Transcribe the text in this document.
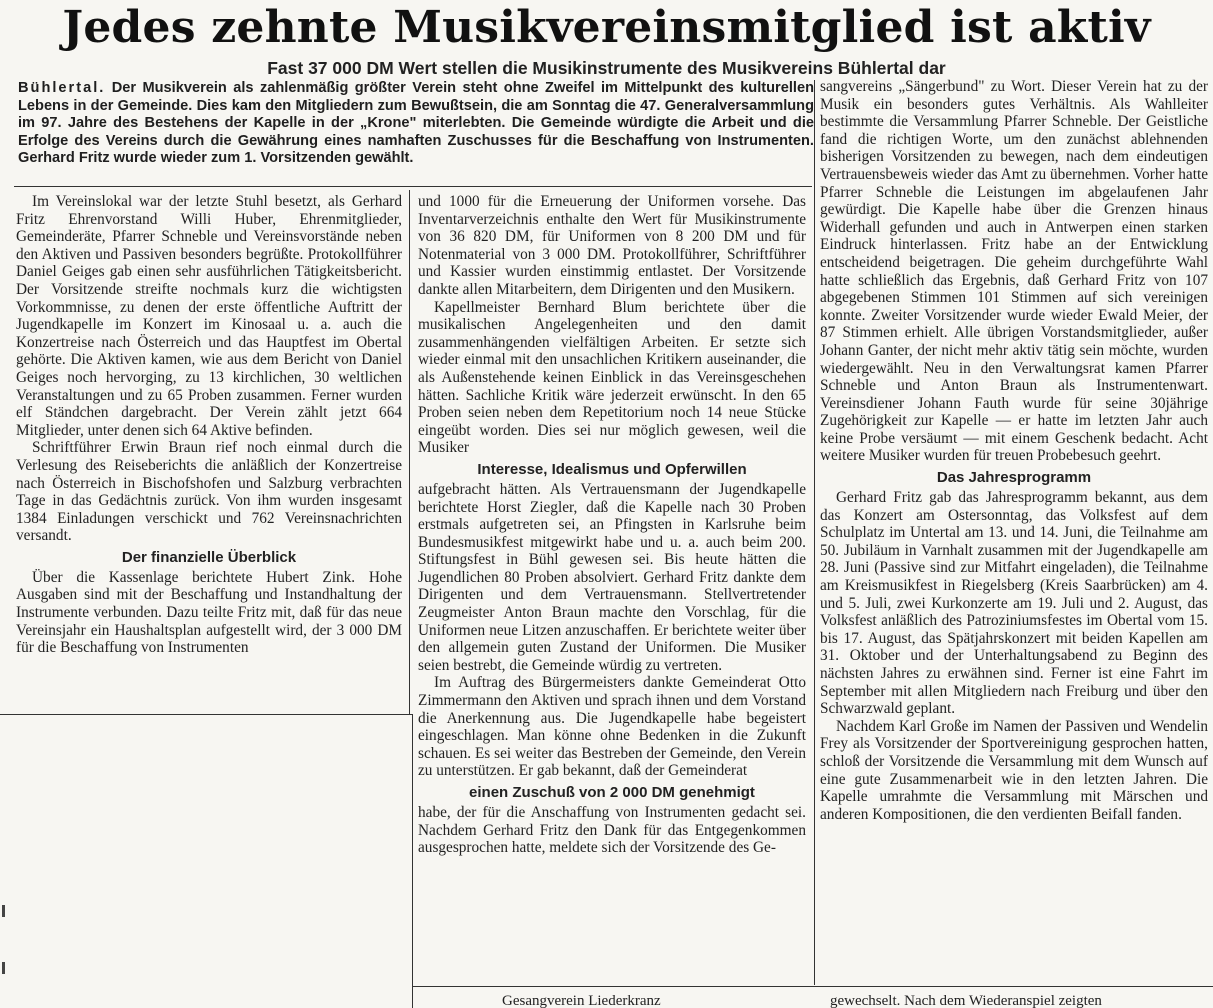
Jedes zehnte Musikvereinsmitglied ist aktiv
Fast 37 000 DM Wert stellen die Musikinstrumente des Musikvereins Bühlertal dar
Bühlertal. Der Musikverein als zahlenmäßig größter Verein steht ohne Zweifel im Mittelpunkt des kulturellen Lebens in der Gemeinde. Dies kam den Mitgliedern zum Bewußtsein, die am Sonntag die 47. Generalversammlung im 97. Jahre des Bestehens der Kapelle in der „Krone" miterlebten. Die Gemeinde würdigte die Arbeit und die Erfolge des Vereins durch die Gewährung eines namhaften Zuschusses für die Beschaffung von Instrumenten. Gerhard Fritz wurde wieder zum 1. Vorsitzenden gewählt.

Im Vereinslokal war der letzte Stuhl besetzt, als Gerhard Fritz Ehrenvorstand Willi Huber, Ehrenmitglieder, Gemeinderäte, Pfarrer Schneble und Vereinsvorstände neben den Aktiven und Passiven besonders begrüßte. Protokollführer Daniel Geiges gab einen sehr ausführlichen Tätigkeitsbericht. Der Vorsitzende streifte nochmals kurz die wichtigsten Vorkommnisse, zu denen der erste öffentliche Auftritt der Jugendkapelle im Konzert im Kinosaal u. a. auch die Konzertreise nach Österreich und das Hauptfest im Obertal gehörte. Die Aktiven kamen, wie aus dem Bericht von Daniel Geiges noch hervorging, zu 13 kirchlichen, 30 weltlichen Veranstaltungen und zu 65 Proben zusammen. Ferner wurden elf Ständchen dargebracht. Der Verein zählt jetzt 664 Mitglieder, unter denen sich 64 Aktive befinden.

Schriftführer Erwin Braun rief noch einmal durch die Verlesung des Reiseberichts die anläßlich der Konzertreise nach Österreich in Bischofshofen und Salzburg verbrachten Tage in das Gedächtnis zurück. Von ihm wurden insgesamt 1384 Einladungen verschickt und 762 Vereinsnachrichten versandt.

Der finanzielle Überblick

Über die Kassenlage berichtete Hubert Zink. Hohe Ausgaben sind mit der Beschaffung und Instandhaltung der Instrumente verbunden. Dazu teilte Fritz mit, daß für das neue Vereinsjahr ein Haushaltsplan aufgestellt wird, der 3 000 DM für die Beschaffung von Instrumenten

und 1000 für die Erneuerung der Uniformen vorsehe. Das Inventarverzeichnis enthalte den Wert für Musikinstrumente von 36 820 DM, für Uniformen von 8 200 DM und für Notenmaterial von 3 000 DM. Protokollführer, Schriftführer und Kassier wurden einstimmig entlastet. Der Vorsitzende dankte allen Mitarbeitern, dem Dirigenten und den Musikern.

Kapellmeister Bernhard Blum berichtete über die musikalischen Angelegenheiten und den damit zusammenhängenden vielfältigen Arbeiten. Er setzte sich wieder einmal mit den unsachlichen Kritikern auseinander, die als Außenstehende keinen Einblick in das Vereinsgeschehen hätten. Sachliche Kritik wäre jederzeit erwünscht. In den 65 Proben seien neben dem Repetitorium noch 14 neue Stücke eingeübt worden. Dies sei nur möglich gewesen, weil die Musiker

Interesse, Idealismus und Opferwillen

aufgebracht hätten. Als Vertrauensmann der Jugendkapelle berichtete Horst Ziegler, daß die Kapelle nach 30 Proben erstmals aufgetreten sei, an Pfingsten in Karlsruhe beim Bundesmusikfest mitgewirkt habe und u. a. auch beim 200. Stiftungsfest in Bühl gewesen sei. Bis heute hätten die Jugendlichen 80 Proben absolviert. Gerhard Fritz dankte dem Dirigenten und dem Vertrauensmann. Stellvertretender Zeugmeister Anton Braun machte den Vorschlag, für die Uniformen neue Litzen anzuschaffen. Er berichtete weiter über den allgemein guten Zustand der Uniformen. Die Musiker seien bestrebt, die Gemeinde würdig zu vertreten.

Im Auftrag des Bürgermeisters dankte Gemeinderat Otto Zimmermann den Aktiven und sprach ihnen und dem Vorstand die Anerkennung aus. Die Jugendkapelle habe begeistert eingeschlagen. Man könne ohne Bedenken in die Zukunft schauen. Es sei weiter das Bestreben der Gemeinde, den Verein zu unterstützen. Er gab bekannt, daß der Gemeinderat

einen Zuschuß von 2 000 DM genehmigt

habe, der für die Anschaffung von Instrumenten gedacht sei. Nachdem Gerhard Fritz den Dank für das Entgegenkommen ausgesprochen hatte, meldete sich der Vorsitzende des Ge-

sangvereins „Sängerbund" zu Wort. Dieser Verein hat zu der Musik ein besonders gutes Verhältnis. Als Wahlleiter bestimmte die Versammlung Pfarrer Schneble. Der Geistliche fand die richtigen Worte, um den zunächst ablehnenden bisherigen Vorsitzenden zu bewegen, nach dem eindeutigen Vertrauensbeweis wieder das Amt zu übernehmen. Vorher hatte Pfarrer Schneble die Leistungen im abgelaufenen Jahr gewürdigt. Die Kapelle habe über die Grenzen hinaus Widerhall gefunden und auch in Antwerpen einen starken Eindruck hinterlassen. Fritz habe an der Entwicklung entscheidend beigetragen. Die geheim durchgeführte Wahl hatte schließlich das Ergebnis, daß Gerhard Fritz von 107 abgegebenen Stimmen 101 Stimmen auf sich vereinigen konnte. Zweiter Vorsitzender wurde wieder Ewald Meier, der 87 Stimmen erhielt. Alle übrigen Vorstandsmitglieder, außer Johann Ganter, der nicht mehr aktiv tätig sein möchte, wurden wiedergewählt. Neu in den Verwaltungsrat kamen Pfarrer Schneble und Anton Braun als Instrumentenwart. Vereinsdiener Johann Fauth wurde für seine 30jährige Zugehörigkeit zur Kapelle — er hatte im letzten Jahr auch keine Probe versäumt — mit einem Geschenk bedacht. Acht weitere Musiker wurden für treuen Probebesuch geehrt.

Das Jahresprogramm

Gerhard Fritz gab das Jahresprogramm bekannt, aus dem das Konzert am Ostersonntag, das Volksfest auf dem Schulplatz im Untertal am 13. und 14. Juni, die Teilnahme am 50. Jubiläum in Varnhalt zusammen mit der Jugendkapelle am 28. Juni (Passive sind zur Mitfahrt eingeladen), die Teilnahme am Kreismusikfest in Riegelsberg (Kreis Saarbrücken) am 4. und 5. Juli, zwei Kurkonzerte am 19. Juli und 2. August, das Volksfest anläßlich des Patroziniumsfestes im Obertal vom 15. bis 17. August, das Spätjahrskonzert mit beiden Kapellen am 31. Oktober und der Unterhaltungsabend zu Beginn des nächsten Jahres zu erwähnen sind. Ferner ist eine Fahrt im September mit allen Mitgliedern nach Freiburg und über den Schwarzwald geplant.

Nachdem Karl Große im Namen der Passiven und Wendelin Frey als Vorsitzender der Sportvereinigung gesprochen hatten, schloß der Vorsitzende die Versammlung mit dem Wunsch auf eine gute Zusammenarbeit wie in den letzten Jahren. Die Kapelle umrahmte die Versammlung mit Märschen und anderen Kompositionen, die den verdienten Beifall fanden.

Gesangverein Liederkranz	gewechselt. Nach dem Wiederanspiel zeigten
